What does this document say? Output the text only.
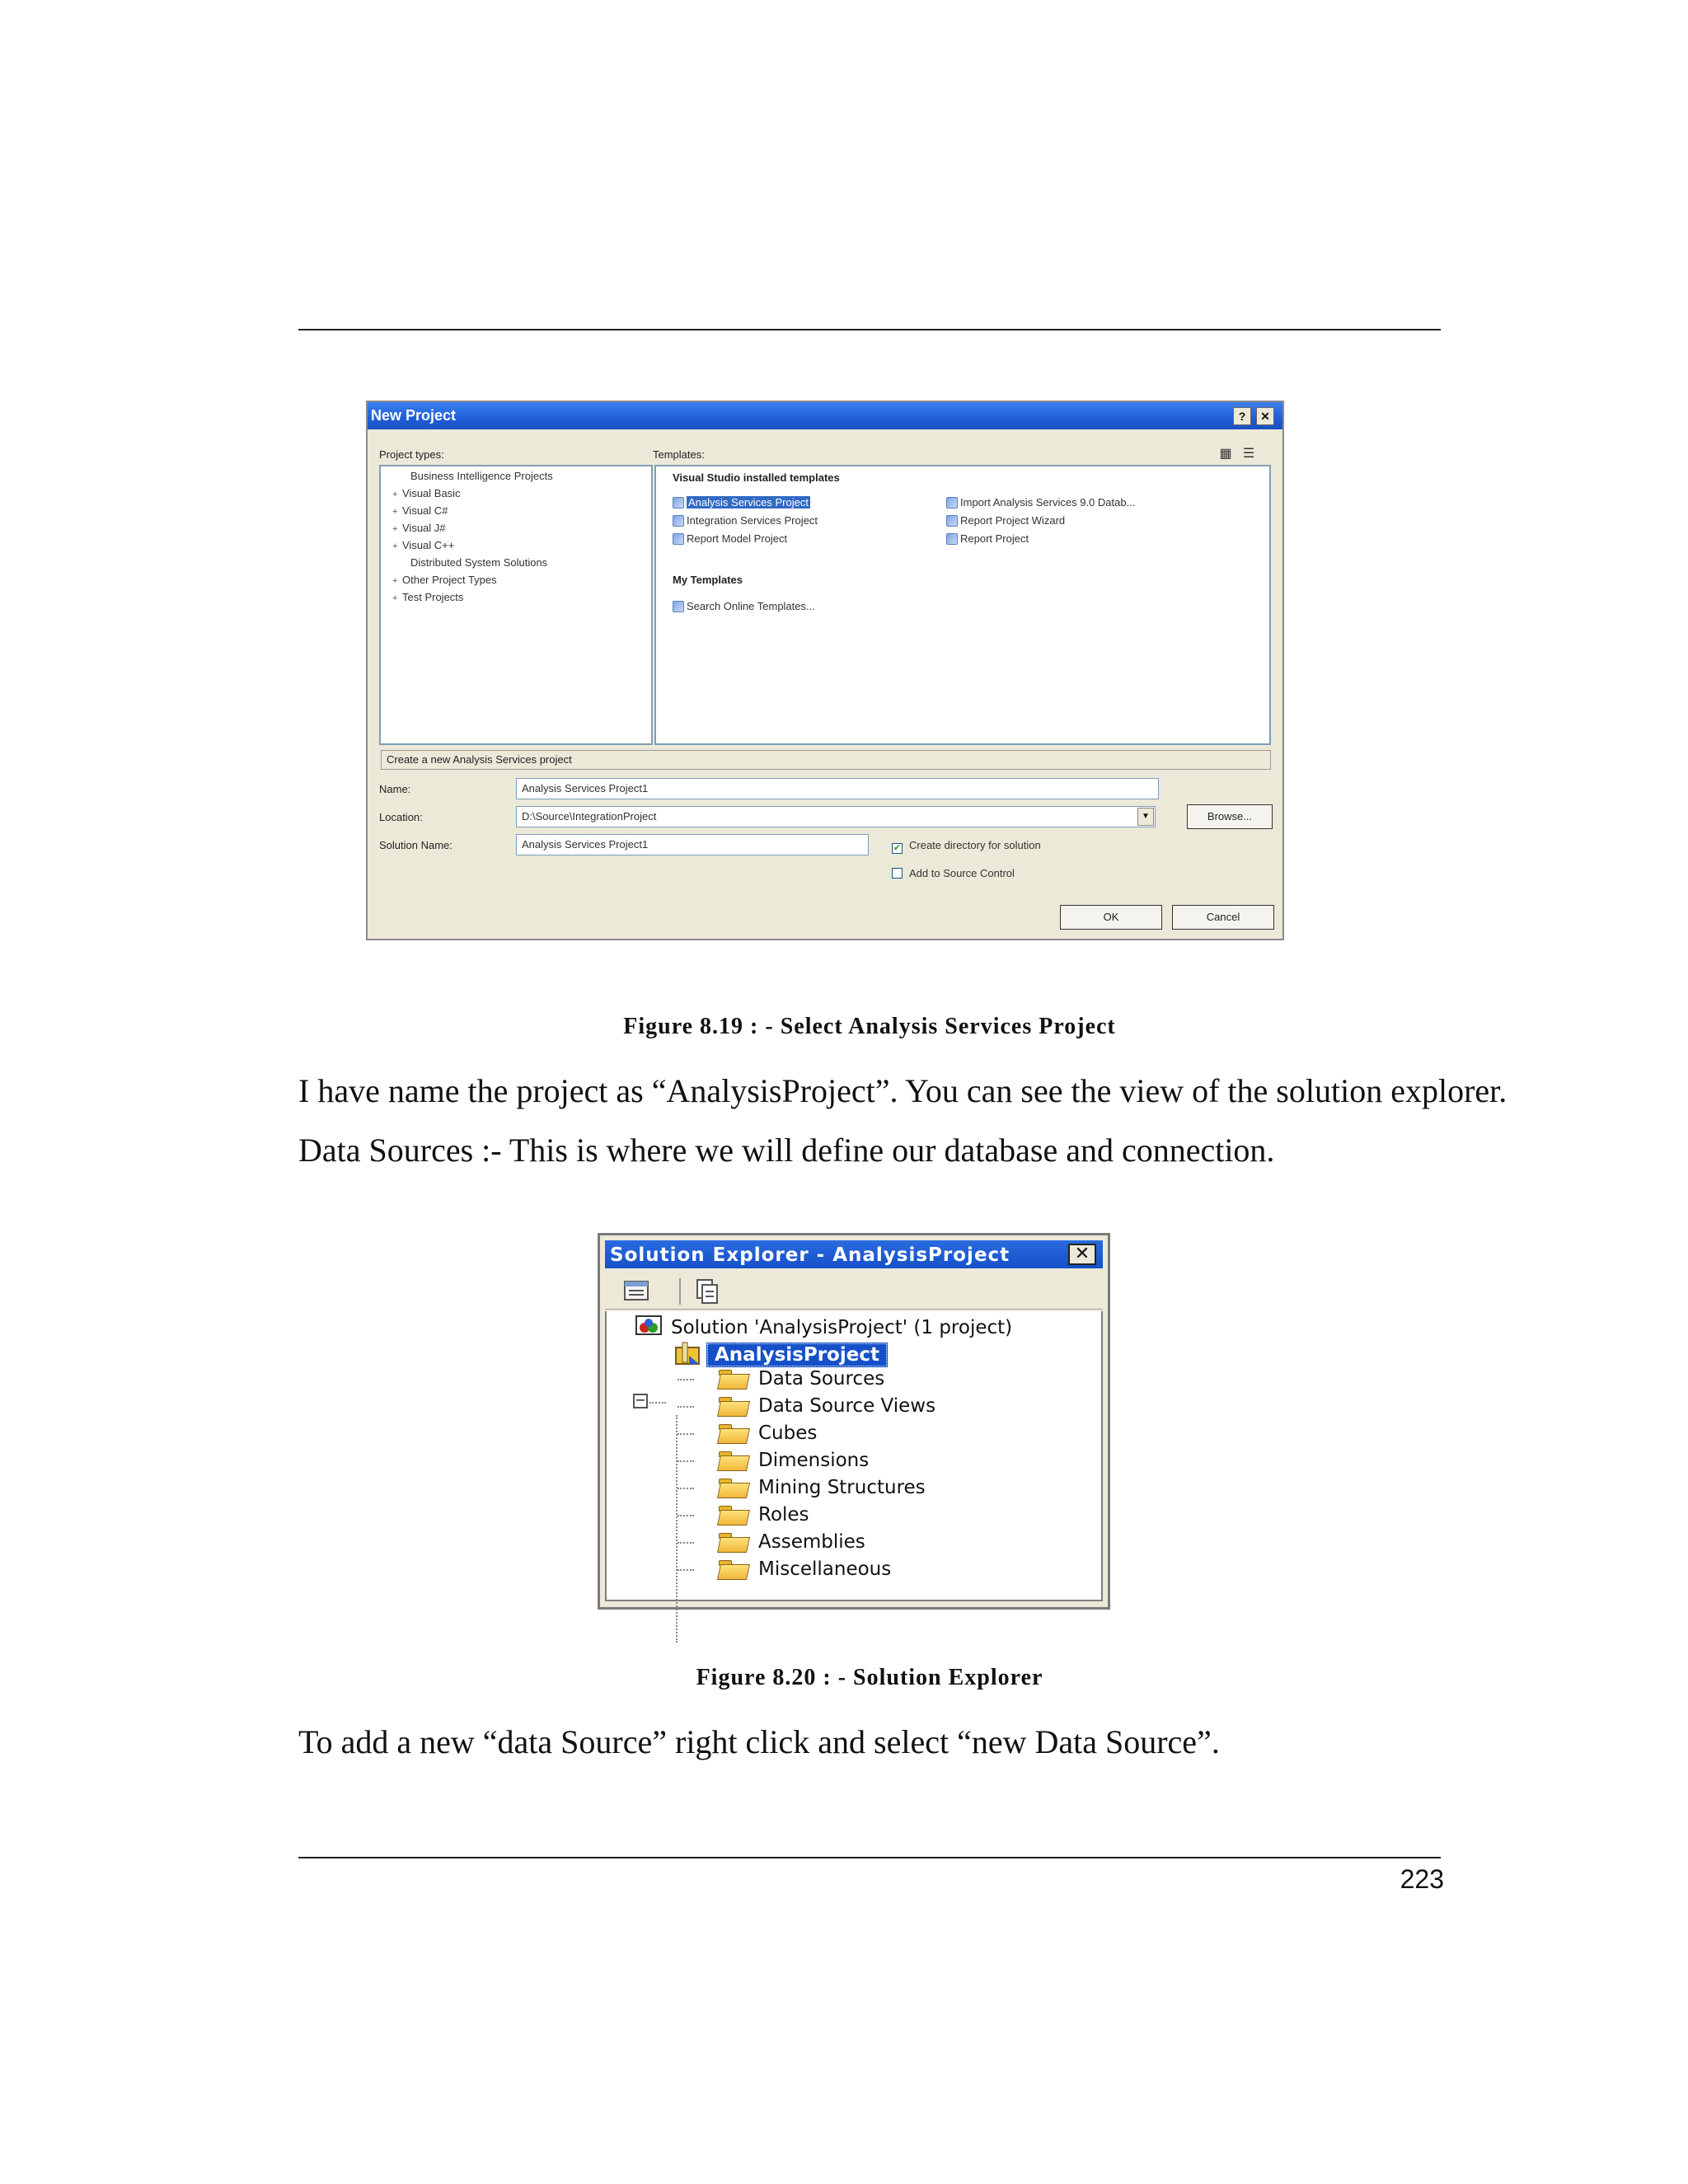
New Project	?	✕
Project types:	Templates:	▦ ☰
Business Intelligence Projects
+ Visual Basic
+ Visual C#
+ Visual J#
+ Visual C++
Distributed System Solutions
+ Other Project Types
+ Test Projects
Visual Studio installed templates
Analysis Services Project
Integration Services Project
Report Model Project
Import Analysis Services 9.0 Datab...
Report Project Wizard
Report Project
My Templates
Search Online Templates...
Create a new Analysis Services project
Name:	Analysis Services Project1
Location:	D:\Source\IntegrationProject	▼	Browse...
Solution Name:	Analysis Services Project1	✔ Create directory for solution
Add to Source Control
OK	Cancel
Figure 8.19 : - Select Analysis Services Project
I have name the project as “AnalysisProject”. You can see the view of the solution explorer.
Data Sources :- This is where we will define our database and connection.
Solution Explorer - AnalysisProject	✕
Solution 'AnalysisProject' (1 project)
−
AnalysisProject
Data Sources
Data Source Views
Cubes
Dimensions
Mining Structures
Roles
Assemblies
Miscellaneous
Figure 8.20 : - Solution Explorer
To add a new “data Source” right click and select “new Data Source”.
223
